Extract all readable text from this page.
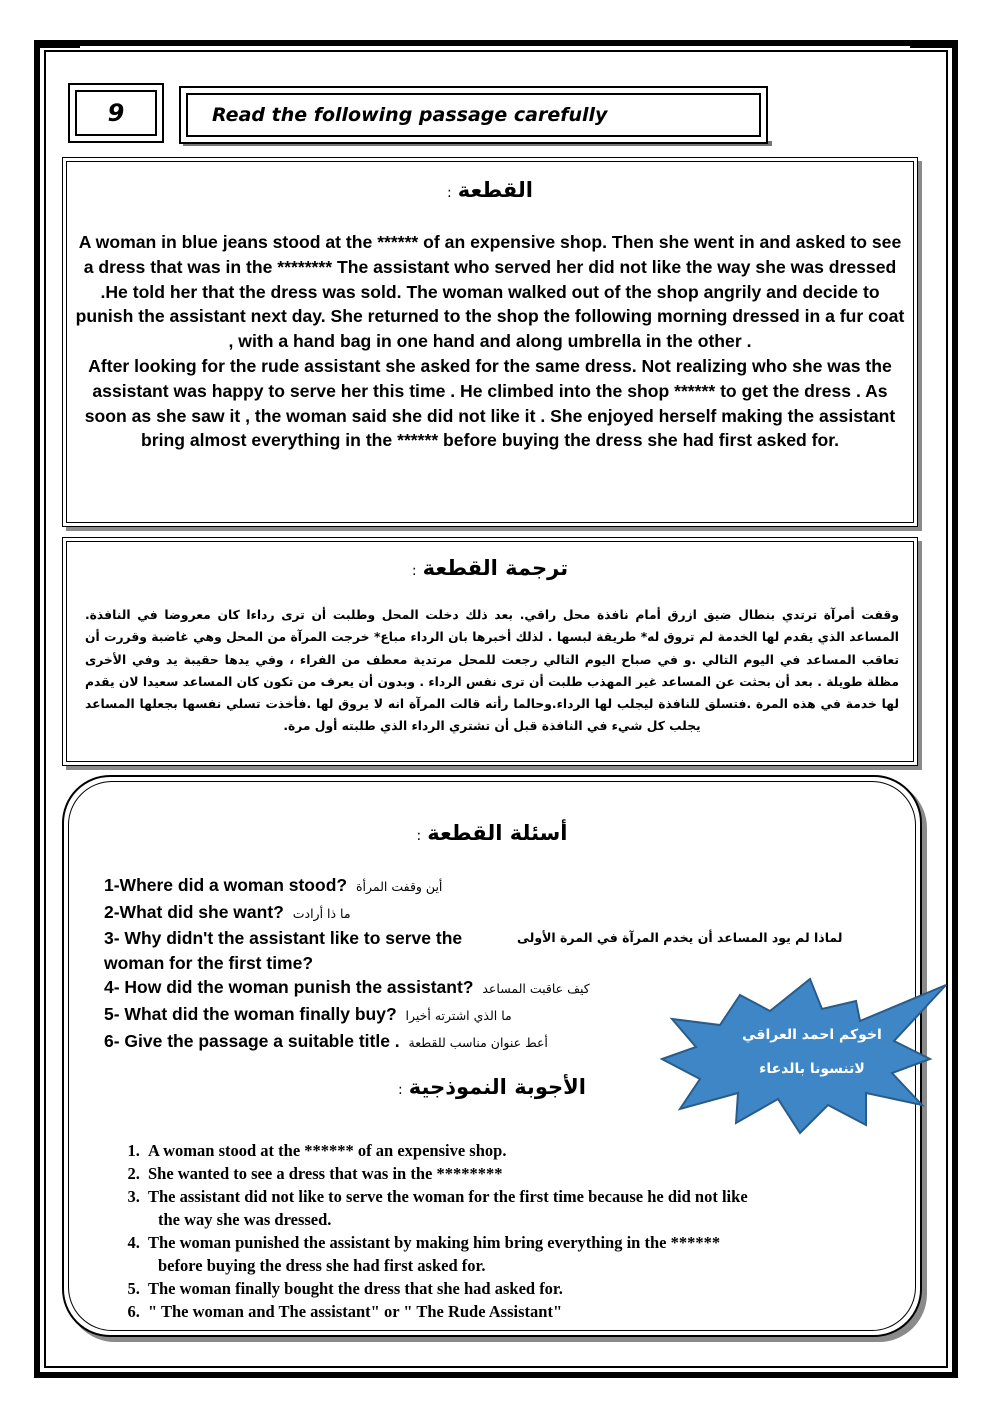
9	Read the following passage carefully
القطعة:
A woman in blue jeans stood at the ****** of an expensive shop. Then she went in and asked to see a dress that was in the ******** The assistant who served her did not like the way she was dressed .He told her that the dress was sold. The woman walked out of the shop angrily and decide to punish the assistant next day. She returned to the shop the following morning dressed in a fur coat , with a hand bag in one hand and along umbrella in the other .
After looking for the rude assistant she asked for the same dress. Not realizing who she was the assistant was happy to serve her this time . He climbed into the shop ****** to get the dress . As soon as she saw it , the woman said she did not like it . She enjoyed herself making the assistant bring almost everything in the ****** before buying the dress she had first asked for.
ترجمة القطعة:
وقفت أمرآة ترتدي بنطال ضيق ازرق أمام نافذة محل راقي. بعد ذلك دخلت المحل وطلبت أن ترى رداءا كان معروضا في النافذة. المساعد الذي يقدم لها الخدمة لم تروق له* طريقة لبسها . لذلك أخبرها بان الرداء مباع* خرجت المرآة من المحل وهي غاضبة وقررت أن تعاقب المساعد في اليوم التالي .و في صباح اليوم التالي رجعت للمحل مرتدية معطف من الفراء ، وفي يدها حقيبة يد وفي الأخرى مظلة طويلة . بعد أن بحثت عن المساعد غير المهذب طلبت أن ترى نفس الرداء . وبدون أن يعرف من تكون كان المساعد سعيدا لان يقدم لها خدمة في هذه المرة .فتسلق للنافذة ليجلب لها الرداء.وحالما رأته قالت المرآة انه لا يروق لها .فأخذت تسلي نفسها بجعلها المساعد يجلب كل شيء في النافذة قبل أن تشتري الرداء الذي طلبته أول مرة.
أسئلة القطعة:
1-Where did a woman stood? أين وقفت المرأة
2-What did she want? ما ذا أرادت
3- Why didn't the assistant like to serve the woman for the first time?
لماذا لم يود المساعد أن يخدم المرآة في المرة الأولى
4- How did the woman punish the assistant? كيف عاقبت المساعد
5- What did the woman finally buy? ما الذي اشترته أخيرا
6- Give the passage a suitable title . أعط عنوان مناسب للقطعة
الأجوبة النموذجية:
1. A woman stood at the ****** of an expensive shop.
2. She wanted to see a dress that was in the ********
3. The assistant did not like to serve the woman for the first time because he did not like
the way she was dressed.
4. The woman punished the assistant by making him bring everything in the ******
before buying the dress she had first asked for.
5. The woman finally bought the dress that she had asked for.
6. " The woman and The assistant" or " The Rude Assistant"
اخوكم احمد العراقي
لاتنسونا بالدعاء
